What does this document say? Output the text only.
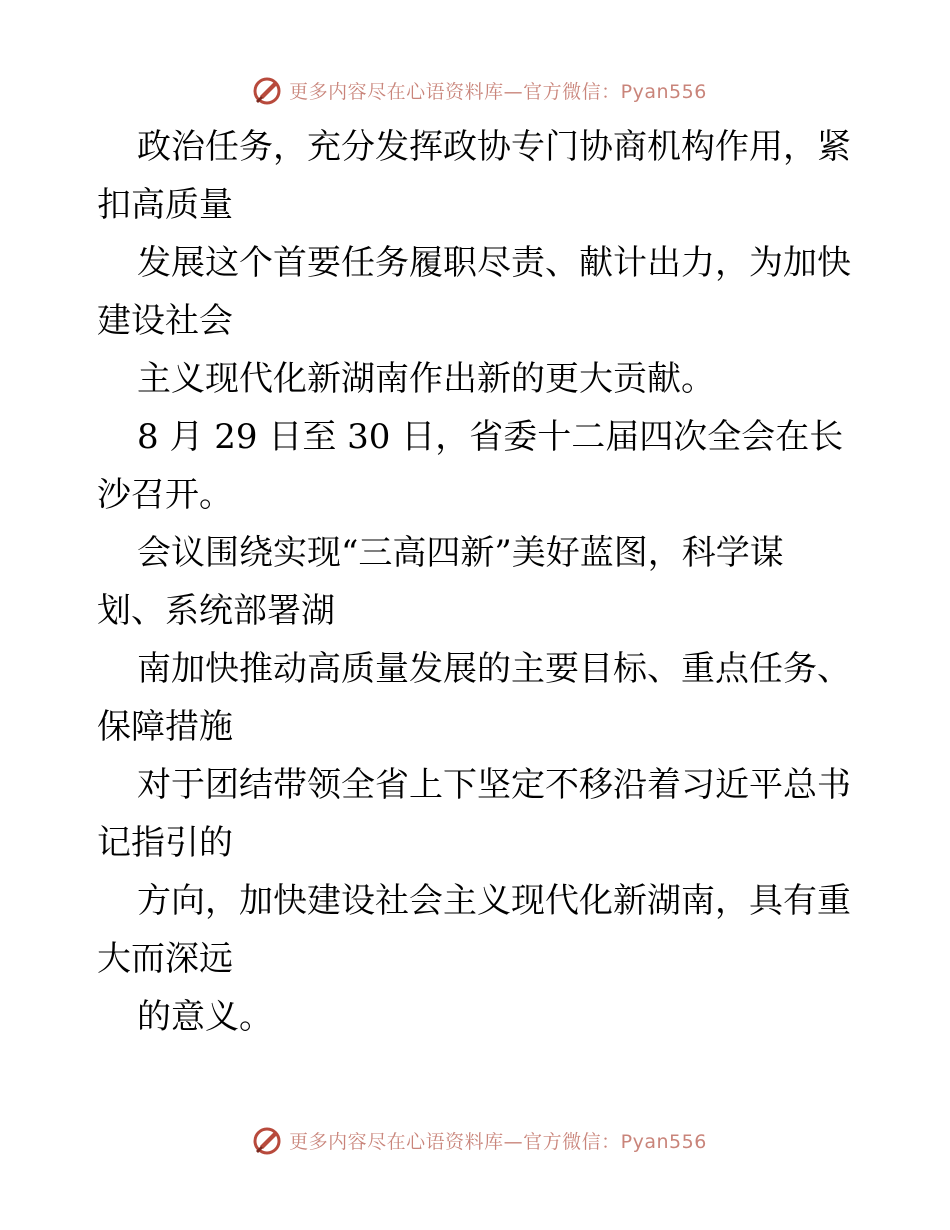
更多内容尽在心语资料库—官方微信：Pyan556
政治任务，充分发挥政协专门协商机构作用，紧
扣高质量
发展这个首要任务履职尽责、献计出力，为加快
建设社会
主义现代化新湖南作出新的更大贡献。
8 月 29 日至 30 日，省委十二届四次全会在长
沙召开。
会议围绕实现“三高四新”美好蓝图，科学谋
划、系统部署湖
南加快推动高质量发展的主要目标、重点任务、
保障措施
对于团结带领全省上下坚定不移沿着习近平总书
记指引的
方向，加快建设社会主义现代化新湖南，具有重
大而深远
的意义。
更多内容尽在心语资料库—官方微信：Pyan556
